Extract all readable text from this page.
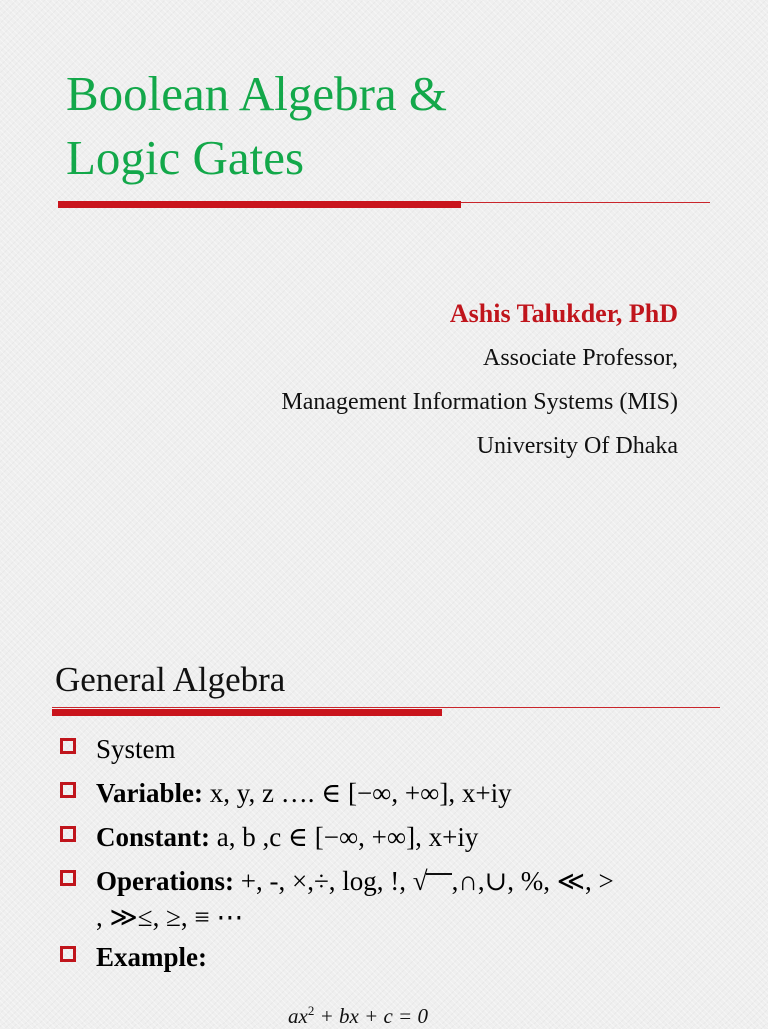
Boolean Algebra &
Logic Gates
Ashis Talukder, PhD
Associate Professor,
Management Information Systems (MIS)
University Of Dhaka
General Algebra
System
Variable: x, y, z …. ∈ [−∞, +∞], x+iy
Constant: a, b ,c ∈ [−∞, +∞], x+iy
Operations: +, -, ×,÷, log, !, √ ,∩,∪, %, ≪, >
, ≫≤, ≥, ≡ ⋯
Example:
$ax^2$ + bx + c = 0
